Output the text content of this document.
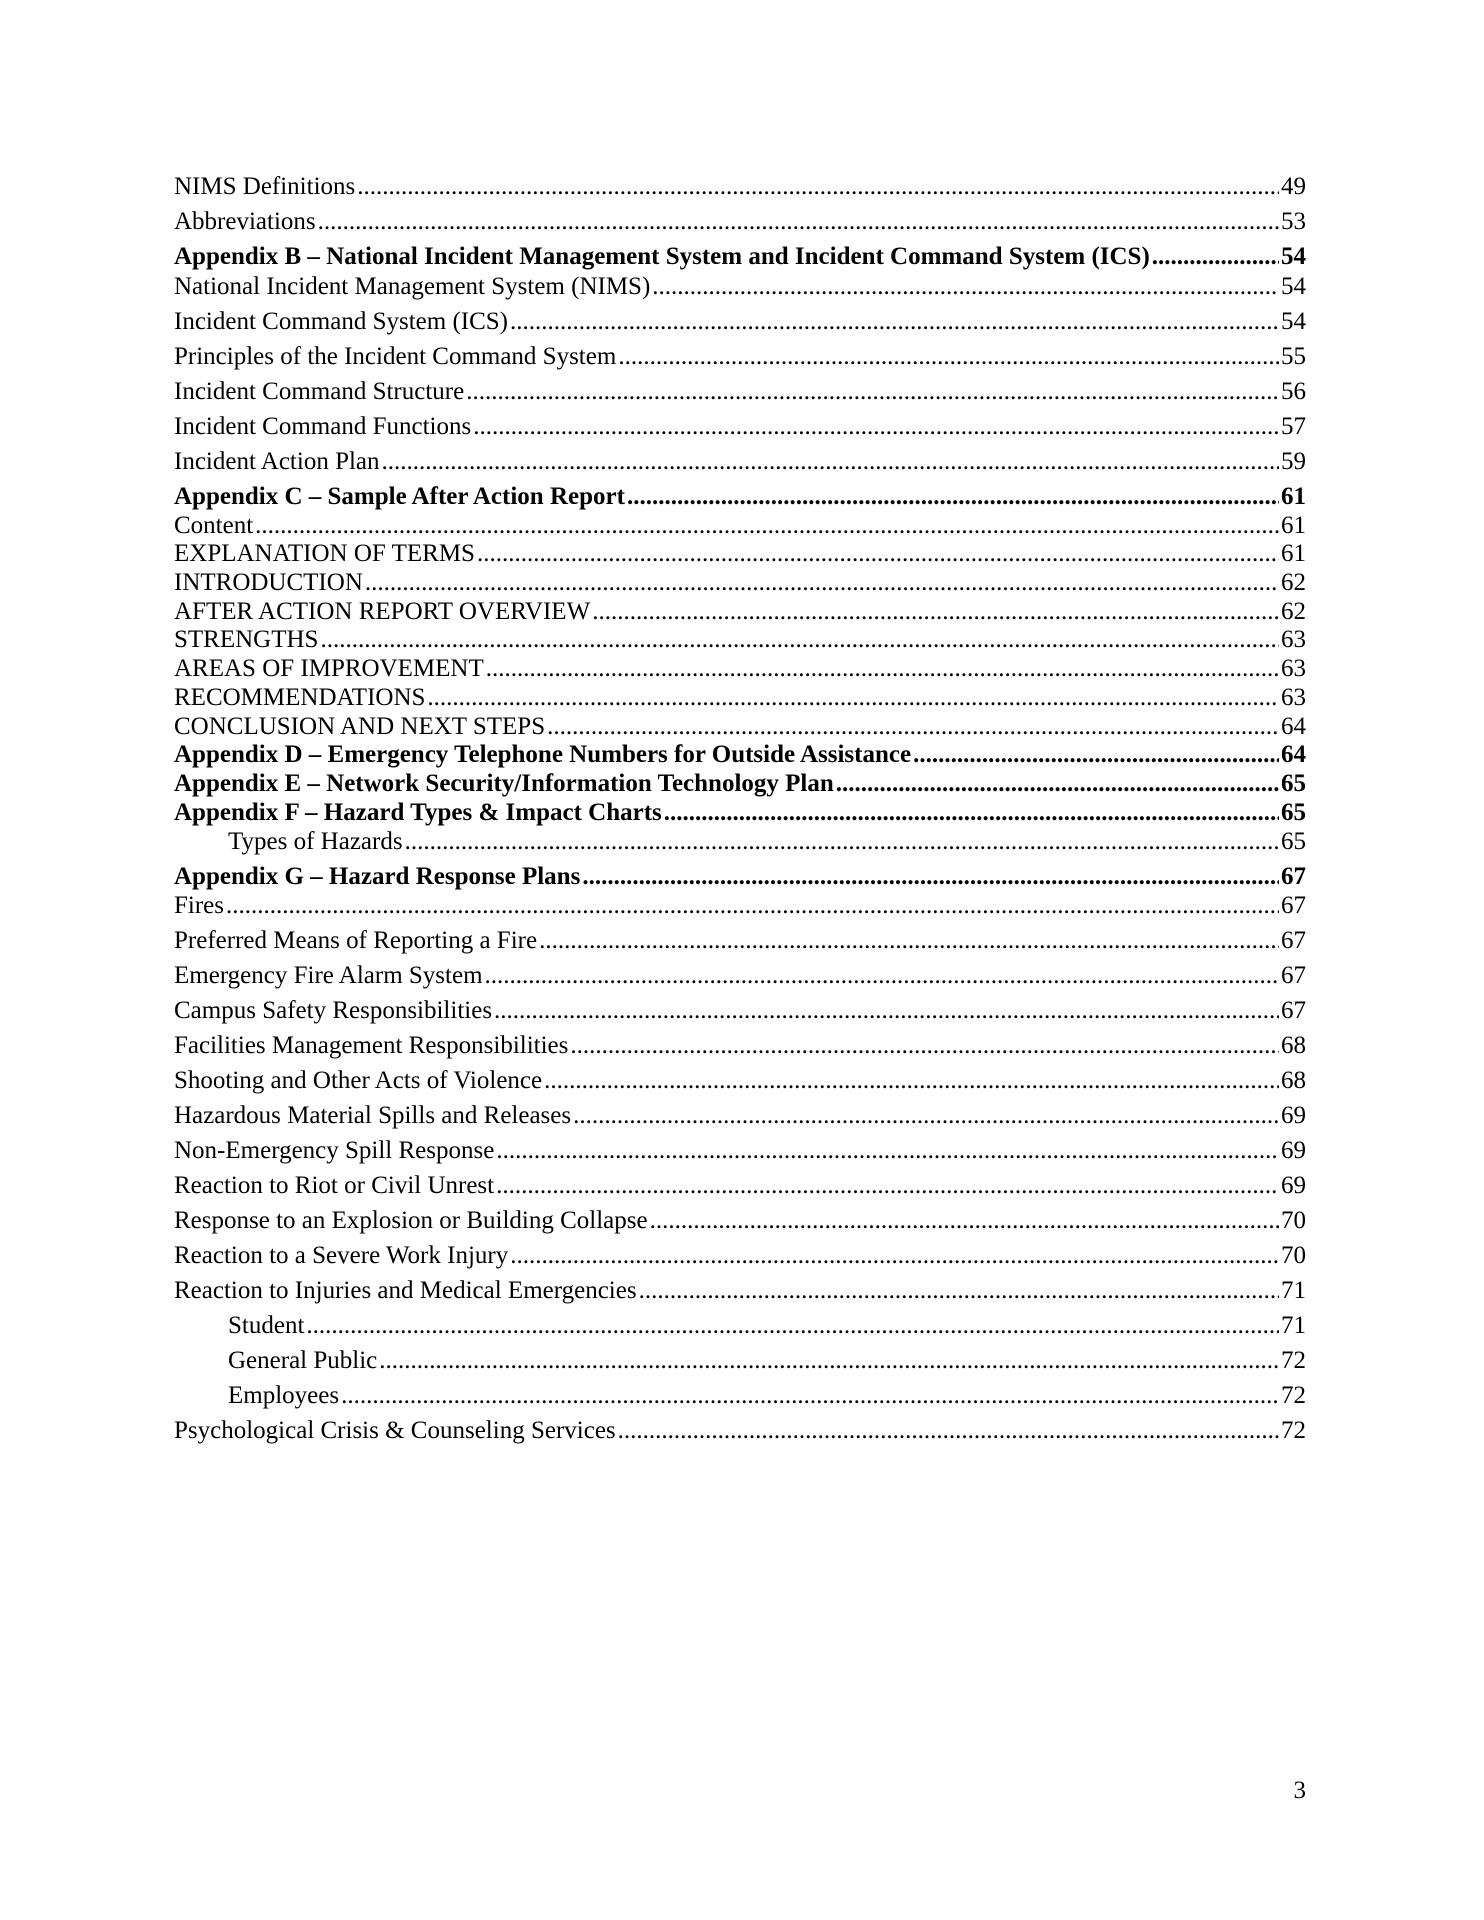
NIMS Definitions .....	49
Abbreviations .....	53
Appendix B – National Incident Management System and Incident Command System (ICS) .....	54
National Incident Management System (NIMS) .....	54
Incident Command System (ICS) .....	54
Principles of the Incident Command System .....	55
Incident Command Structure .....	56
Incident Command Functions .....	57
Incident Action Plan .....	59
Appendix C – Sample After Action Report .....	61
Content .....	61
EXPLANATION OF TERMS .....	61
INTRODUCTION .....	62
AFTER ACTION REPORT OVERVIEW .....	62
STRENGTHS .....	63
AREAS OF IMPROVEMENT .....	63
RECOMMENDATIONS .....	63
CONCLUSION AND NEXT STEPS .....	64
Appendix D – Emergency Telephone Numbers for Outside Assistance .....	64
Appendix E – Network Security/Information Technology Plan .....	65
Appendix F – Hazard Types & Impact Charts .....	65
Types of Hazards .....	65
Appendix G – Hazard Response Plans .....	67
Fires .....	67
Preferred Means of Reporting a Fire .....	67
Emergency Fire Alarm System .....	67
Campus Safety Responsibilities .....	67
Facilities Management Responsibilities .....	68
Shooting and Other Acts of Violence .....	68
Hazardous Material Spills and Releases .....	69
Non-Emergency Spill Response .....	69
Reaction to Riot or Civil Unrest .....	69
Response to an Explosion or Building Collapse .....	70
Reaction to a Severe Work Injury .....	70
Reaction to Injuries and Medical Emergencies .....	71
Student .....	71
General Public .....	72
Employees .....	72
Psychological Crisis & Counseling Services .....	72
3
